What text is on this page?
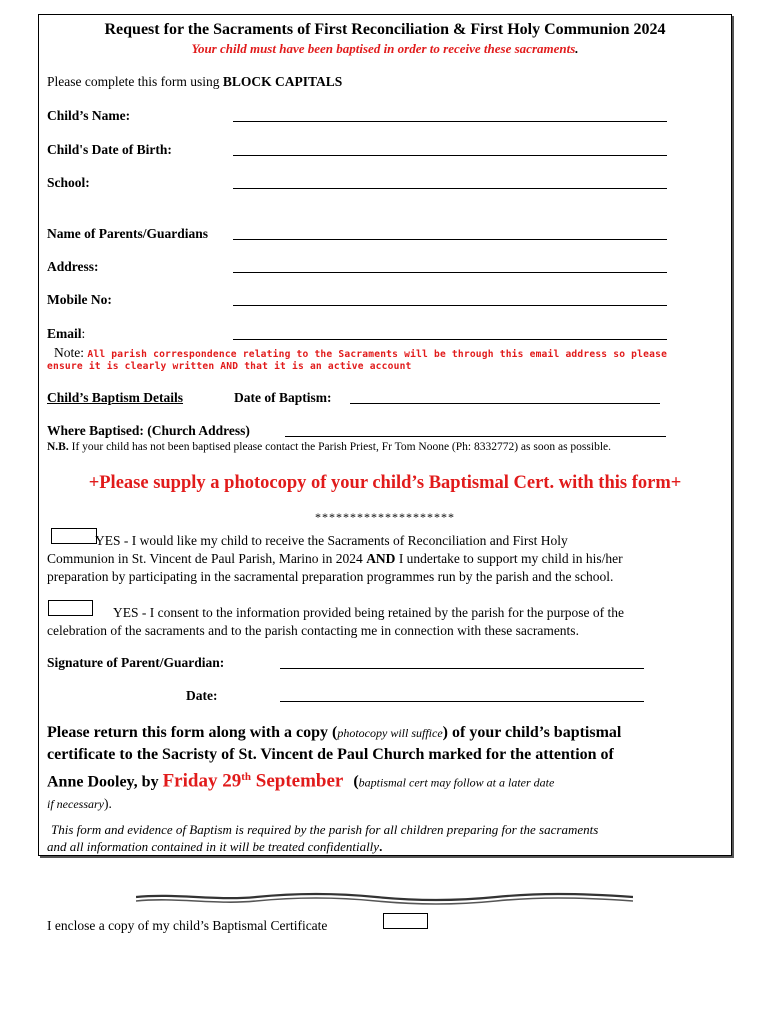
Request for the Sacraments of First Reconciliation & First Holy Communion 2024
Your child must have been baptised in order to receive these sacraments.
Please complete this form using BLOCK CAPITALS
Child’s Name:
Child's Date of Birth:
School:
Name of Parents/Guardians
Address:
Mobile No:
Email:
Note: All parish correspondence relating to the Sacraments will be through this email address so please
ensure it is clearly written AND that it is an active account
Child’s Baptism Details	Date of Baptism:
Where Baptised: (Church Address)
N.B. If your child has not been baptised please contact the Parish Priest, Fr Tom Noone (Ph: 8332772) as soon as possible.
+Please supply a photocopy of your child’s Baptismal Cert. with this form+
********************
YES - I would like my child to receive the Sacraments of Reconciliation and First Holy
Communion in St. Vincent de Paul Parish, Marino in 2024 AND I undertake to support my child in his/her
preparation by participating in the sacramental preparation programmes run by the parish and the school.
YES - I consent to the information provided being retained by the parish for the purpose of the
celebration of the sacraments and to the parish contacting me in connection with these sacraments.
Signature of Parent/Guardian:
Date:
Please return this form along with a copy (photocopy will suffice) of your child’s baptismal
certificate to the Sacristy of St. Vincent de Paul Church marked for the attention of
Anne Dooley, by Friday 29th September (baptismal cert may follow at a later date
if necessary).
This form and evidence of Baptism is required by the parish for all children preparing for the sacraments
and all information contained in it will be treated confidentially.
I enclose a copy of my child’s Baptismal Certificate
